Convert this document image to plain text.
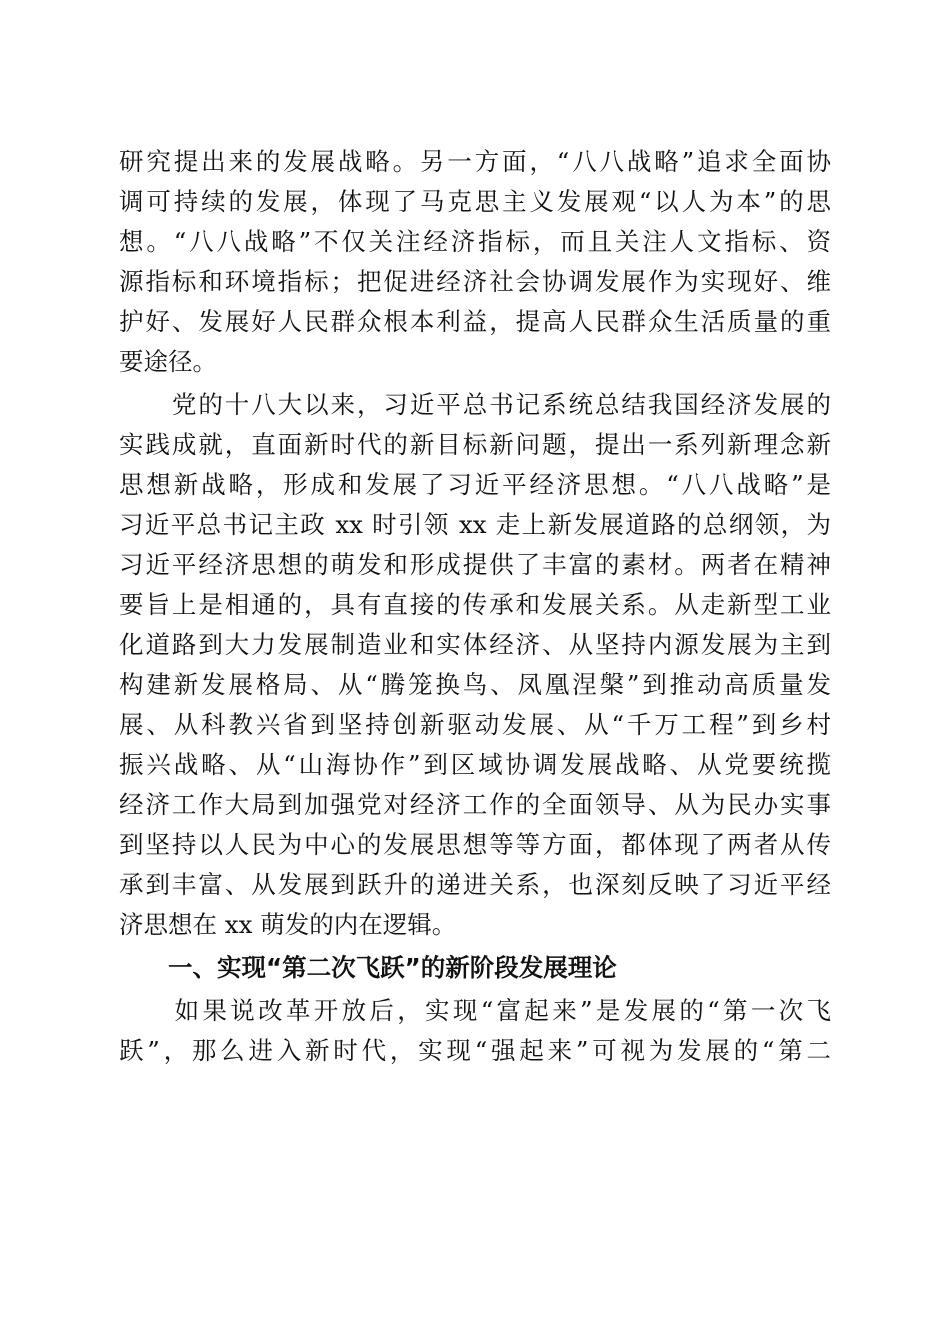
研究提出来的发展战略。另一方面，“八八战略”追求全面协
调可持续的发展，体现了马克思主义发展观“以人为本”的思
想。“八八战略”不仅关注经济指标，而且关注人文指标、资
源指标和环境指标；把促进经济社会协调发展作为实现好、维
护好、发展好人民群众根本利益，提高人民群众生活质量的重
要途径。
　　党的十八大以来，习近平总书记系统总结我国经济发展的
实践成就，直面新时代的新目标新问题，提出一系列新理念新
思想新战略，形成和发展了习近平经济思想。“八八战略”是
习近平总书记主政 xx 时引领 xx 走上新发展道路的总纲领，为
习近平经济思想的萌发和形成提供了丰富的素材。两者在精神
要旨上是相通的，具有直接的传承和发展关系。从走新型工业
化道路到大力发展制造业和实体经济、从坚持内源发展为主到
构建新发展格局、从“腾笼换鸟、凤凰涅槃”到推动高质量发
展、从科教兴省到坚持创新驱动发展、从“千万工程”到乡村
振兴战略、从“山海协作”到区域协调发展战略、从党要统揽
经济工作大局到加强党对经济工作的全面领导、从为民办实事
到坚持以人民为中心的发展思想等等方面，都体现了两者从传
承到丰富、从发展到跃升的递进关系，也深刻反映了习近平经
济思想在 xx 萌发的内在逻辑。
　　一、实现“第二次飞跃”的新阶段发展理论
　　如果说改革开放后，实现“富起来”是发展的“第一次飞
跃”，那么进入新时代，实现“强起来”可视为发展的“第二
